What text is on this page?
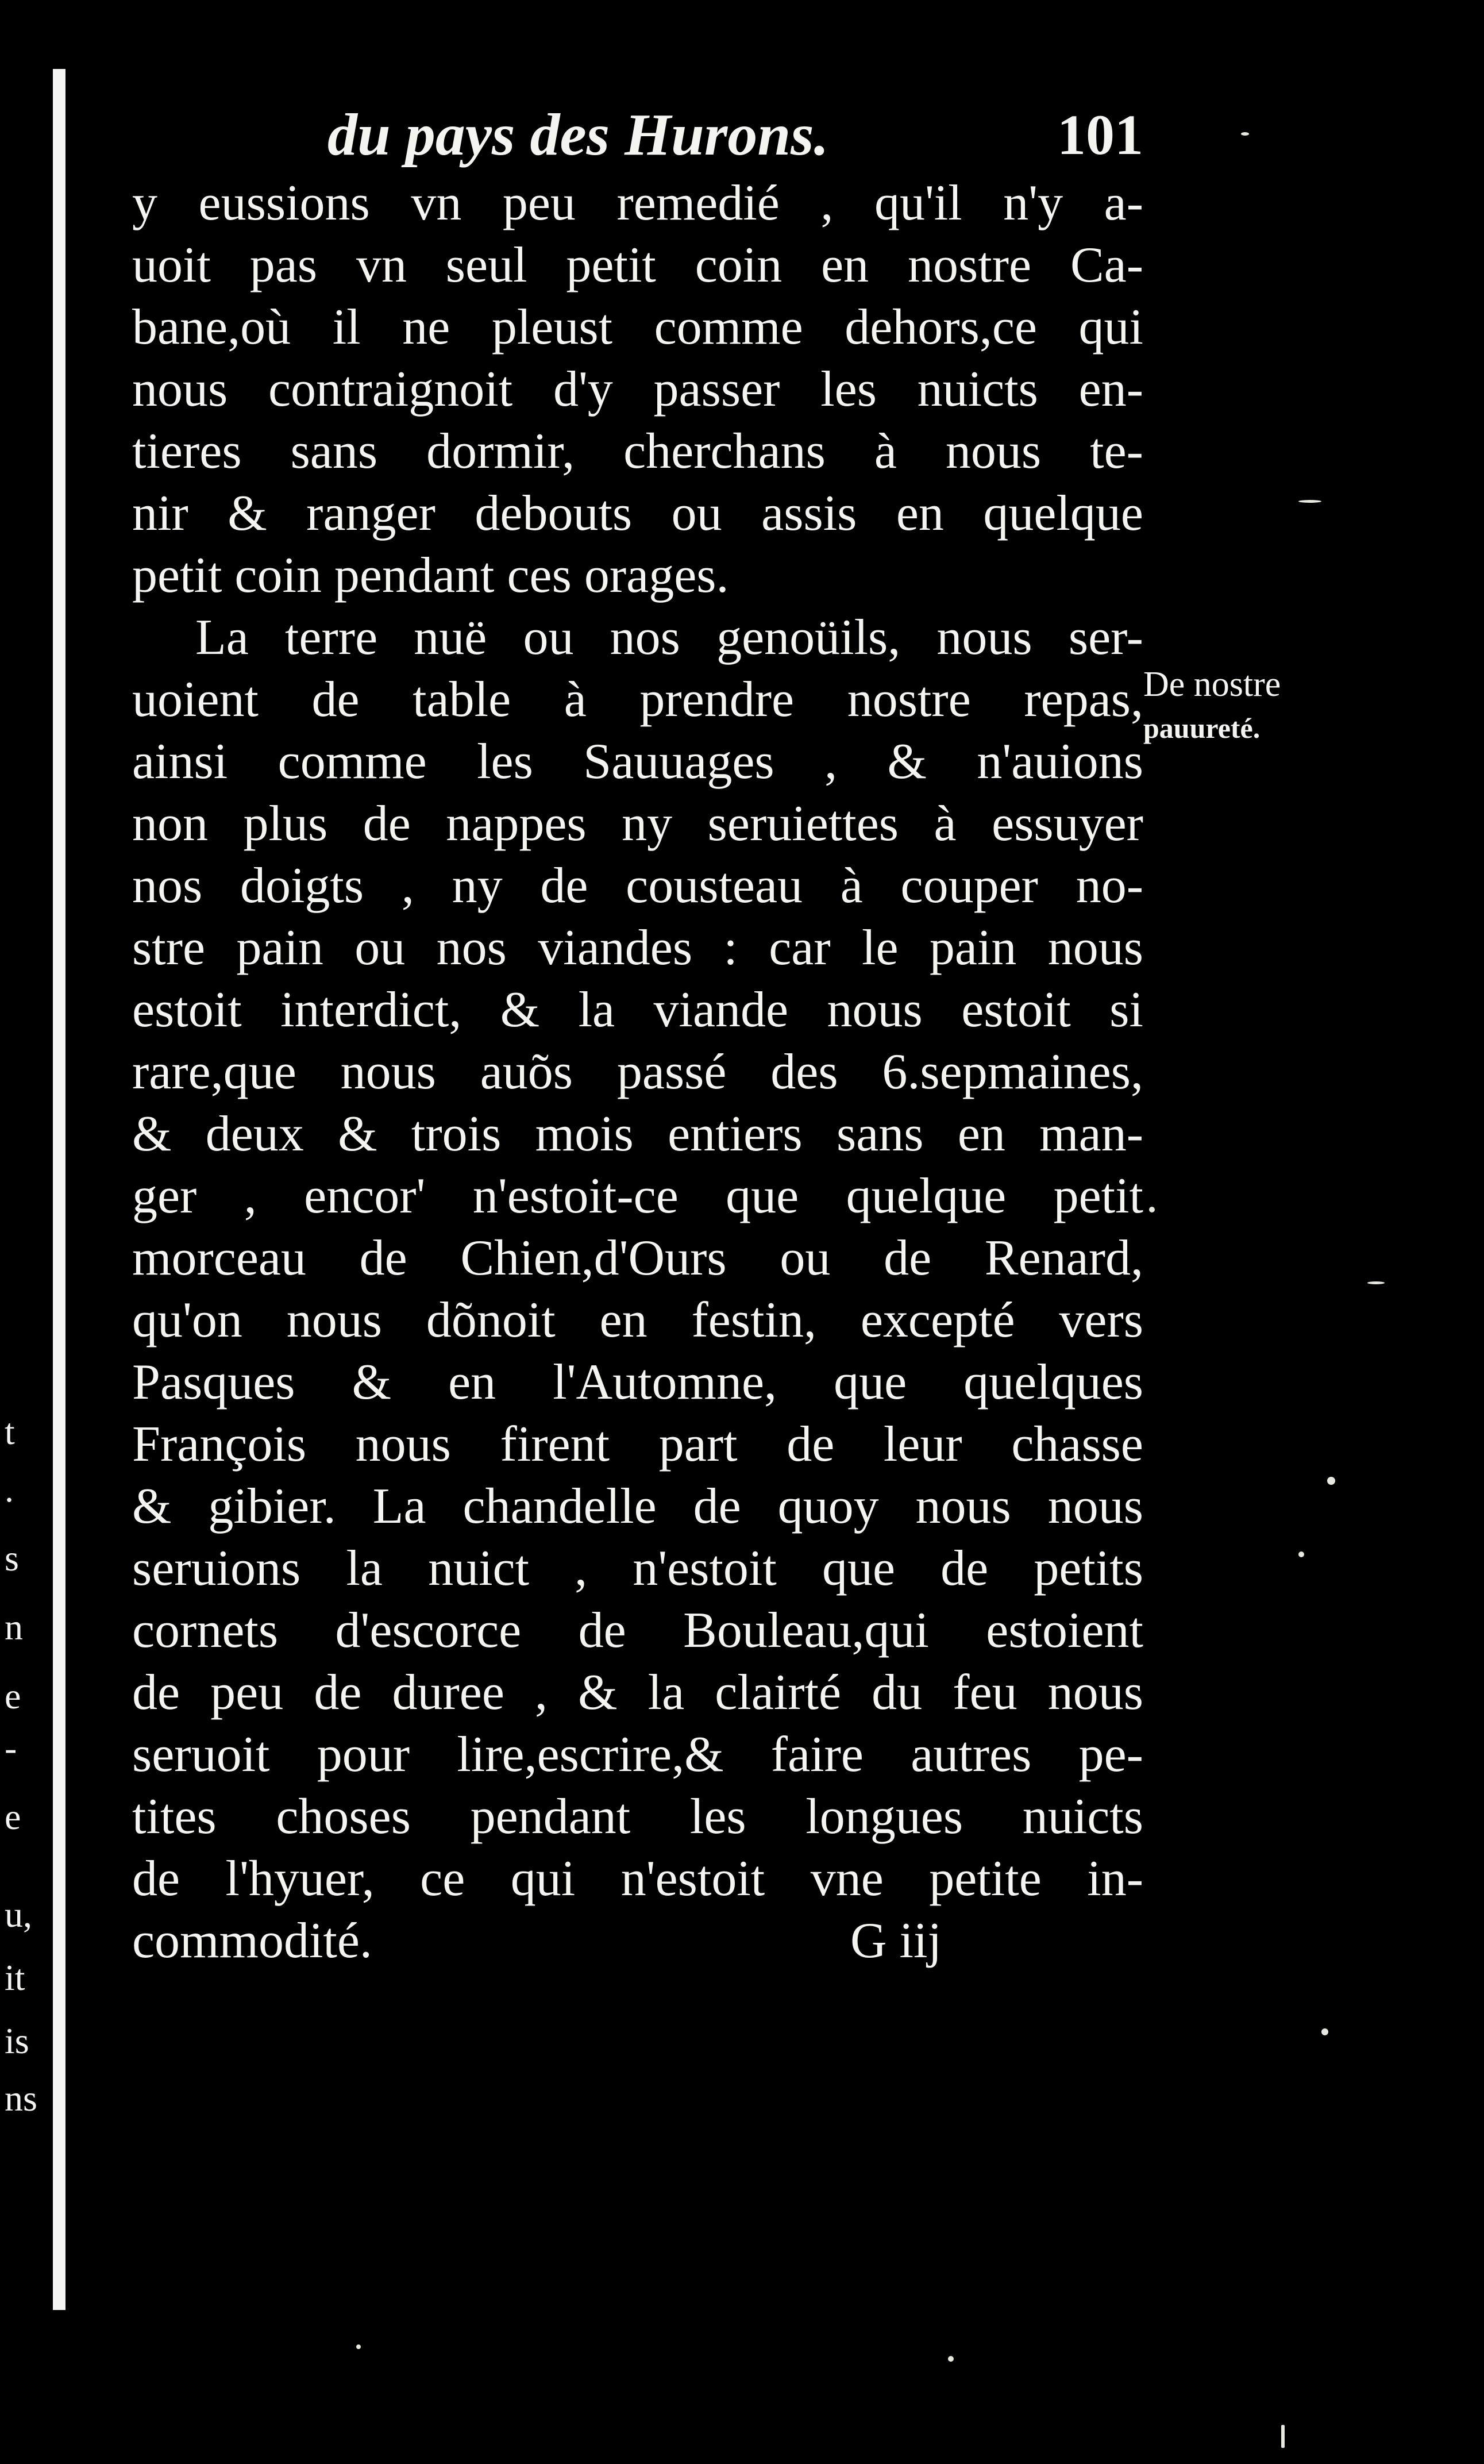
t
.
s
n
e
-
e
u,
it
is
ns
du pays des Hurons.	101
y eussions vn peu remedié , qu'il n'y a-
uoit pas vn seul petit coin en nostre Ca-
bane,où il ne pleust comme dehors,ce qui
nous contraignoit d'y passer les nuicts en-
tieres sans dormir, cherchans à nous te-
nir & ranger debouts ou assis en quelque
petit coin pendant ces orages.
La terre nuë ou nos genoüils, nous ser-
uoient de table à prendre nostre repas,
ainsi comme les Sauuages , & n'auions
non plus de nappes ny seruiettes à essuyer
nos doigts , ny de cousteau à couper no-
stre pain ou nos viandes : car le pain nous
estoit interdict, & la viande nous estoit si
rare,que nous auõs passé des 6.sepmaines,
& deux & trois mois entiers sans en man-
ger , encor' n'estoit-ce que quelque petit
morceau de Chien,d'Ours ou de Renard,
qu'on nous dõnoit en festin, excepté vers
Pasques & en l'Automne, que quelques
François nous firent part de leur chasse
& gibier. La chandelle de quoy nous nous
seruions la nuict , n'estoit que de petits
cornets d'escorce de Bouleau,qui estoient
de peu de duree , & la clairté du feu nous
seruoit pour lire,escrire,& faire autres pe-
tites choses pendant les longues nuicts
de l'hyuer, ce qui n'estoit vne petite in-
commodité.	G iij
De nostre
pauureté.
